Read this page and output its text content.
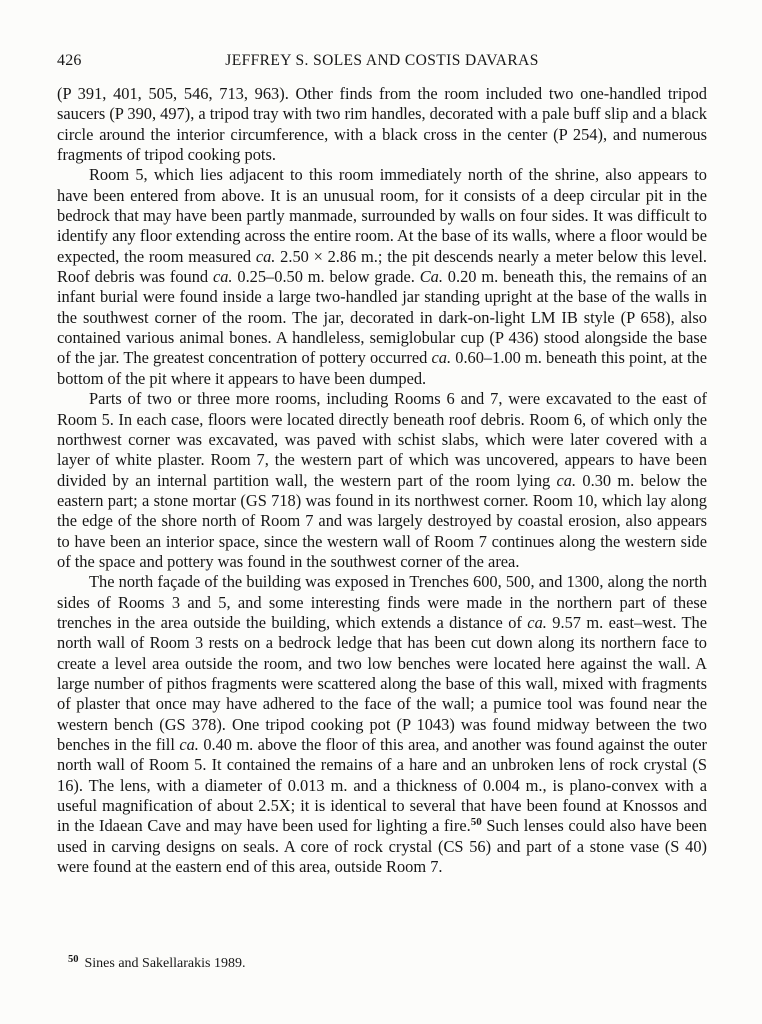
426	JEFFREY S. SOLES AND COSTIS DAVARAS

(P 391, 401, 505, 546, 713, 963). Other finds from the room included two one-handled tripod saucers (P 390, 497), a tripod tray with two rim handles, decorated with a pale buff slip and a black circle around the interior circumference, with a black cross in the center (P 254), and numerous fragments of tripod cooking pots.

Room 5, which lies adjacent to this room immediately north of the shrine, also appears to have been entered from above. It is an unusual room, for it consists of a deep circular pit in the bedrock that may have been partly manmade, surrounded by walls on four sides. It was difficult to identify any floor extending across the entire room. At the base of its walls, where a floor would be expected, the room measured ca. 2.50 × 2.86 m.; the pit descends nearly a meter below this level. Roof debris was found ca. 0.25–0.50 m. below grade. Ca. 0.20 m. beneath this, the remains of an infant burial were found inside a large two-handled jar standing upright at the base of the walls in the southwest corner of the room. The jar, decorated in dark-on-light LM IB style (P 658), also contained various animal bones. A handleless, semiglobular cup (P 436) stood alongside the base of the jar. The greatest concentration of pottery occurred ca. 0.60–1.00 m. beneath this point, at the bottom of the pit where it appears to have been dumped.

Parts of two or three more rooms, including Rooms 6 and 7, were excavated to the east of Room 5. In each case, floors were located directly beneath roof debris. Room 6, of which only the northwest corner was excavated, was paved with schist slabs, which were later covered with a layer of white plaster. Room 7, the western part of which was uncovered, appears to have been divided by an internal partition wall, the western part of the room lying ca. 0.30 m. below the eastern part; a stone mortar (GS 718) was found in its northwest corner. Room 10, which lay along the edge of the shore north of Room 7 and was largely destroyed by coastal erosion, also appears to have been an interior space, since the western wall of Room 7 continues along the western side of the space and pottery was found in the southwest corner of the area.

The north façade of the building was exposed in Trenches 600, 500, and 1300, along the north sides of Rooms 3 and 5, and some interesting finds were made in the northern part of these trenches in the area outside the building, which extends a distance of ca. 9.57 m. east–west. The north wall of Room 3 rests on a bedrock ledge that has been cut down along its northern face to create a level area outside the room, and two low benches were located here against the wall. A large number of pithos fragments were scattered along the base of this wall, mixed with fragments of plaster that once may have adhered to the face of the wall; a pumice tool was found near the western bench (GS 378). One tripod cooking pot (P 1043) was found midway between the two benches in the fill ca. 0.40 m. above the floor of this area, and another was found against the outer north wall of Room 5. It contained the remains of a hare and an unbroken lens of rock crystal (S 16). The lens, with a diameter of 0.013 m. and a thickness of 0.004 m., is plano-convex with a useful magnification of about 2.5X; it is identical to several that have been found at Knossos and in the Idaean Cave and may have been used for lighting a fire.$^{50}$ Such lenses could also have been used in carving designs on seals. A core of rock crystal (CS 56) and part of a stone vase (S 40) were found at the eastern end of this area, outside Room 7.

$^{50}$ Sines and Sakellarakis 1989.
